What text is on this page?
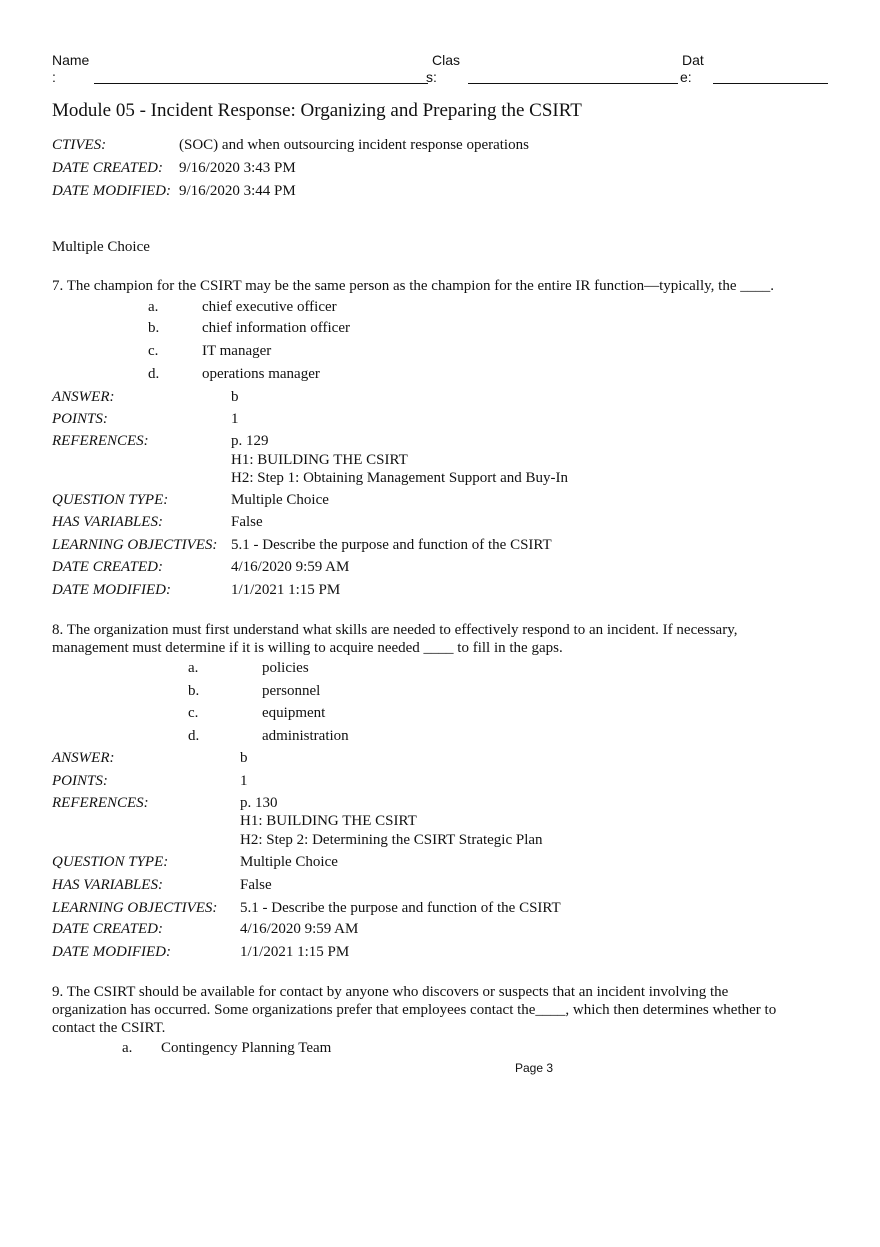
Name
:
Clas
s:
Dat
e:
Module 05 - Incident Response: Organizing and Preparing the CSIRT
CTIVES:	(SOC) and when outsourcing incident response operations
DATE CREATED: 9/16/2020 3:43 PM
DATE MODIFIED: 9/16/2020 3:44 PM
Multiple Choice
7. The champion for the CSIRT may be the same person as the champion for the entire IR function—typically, the ____.
a.	chief executive officer
b.	chief information officer
c.	IT manager
d.	operations manager
ANSWER:	b
POINTS:	1
REFERENCES:	p. 129
H1: BUILDING THE CSIRT
H2: Step 1: Obtaining Management Support and Buy-In
QUESTION TYPE:	Multiple Choice
HAS VARIABLES:	False
LEARNING OBJECTIVES: 5.1 - Describe the purpose and function of the CSIRT
DATE CREATED:	4/16/2020 9:59 AM
DATE MODIFIED:	1/1/2021 1:15 PM
8. The organization must first understand what skills are needed to effectively respond to an incident. If necessary,
management must determine if it is willing to acquire needed ____ to fill in the gaps.
a.	policies
b.	personnel
c.	equipment
d.	administration
ANSWER:	b
POINTS:	1
REFERENCES:	p. 130
H1: BUILDING THE CSIRT
H2: Step 2: Determining the CSIRT Strategic Plan
QUESTION TYPE:	Multiple Choice
HAS VARIABLES:	False
LEARNING OBJECTIVES: 5.1 - Describe the purpose and function of the CSIRT
DATE CREATED:	4/16/2020 9:59 AM
DATE MODIFIED:	1/1/2021 1:15 PM
9. The CSIRT should be available for contact by anyone who discovers or suspects that an incident involving the
organization has occurred. Some organizations prefer that employees contact the____, which then determines whether to
contact the CSIRT.
a. Contingency Planning Team
Page 3
